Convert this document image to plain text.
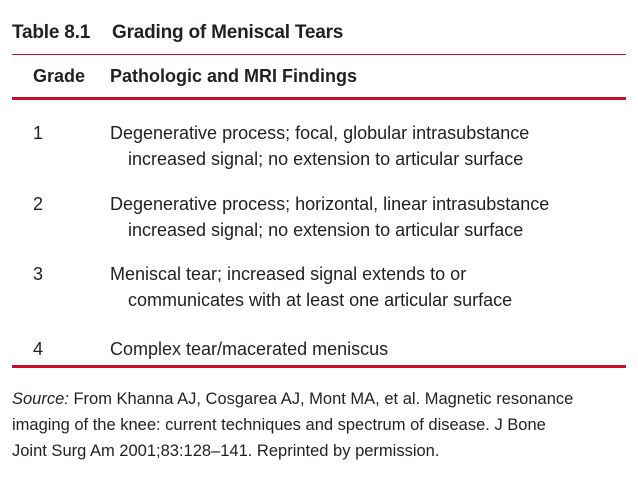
Table 8.1 Grading of Meniscal Tears
Grade Pathologic and MRI Findings
1	Degenerative process; focal, globular intrasubstance
increased signal; no extension to articular surface
2	Degenerative process; horizontal, linear intrasubstance
increased signal; no extension to articular surface
3	Meniscal tear; increased signal extends to or
communicates with at least one articular surface
4	Complex tear/macerated meniscus
Source: From Khanna AJ, Cosgarea AJ, Mont MA, et al. Magnetic resonance
imaging of the knee: current techniques and spectrum of disease. J Bone
Joint Surg Am 2001;83:128–141. Reprinted by permission.
